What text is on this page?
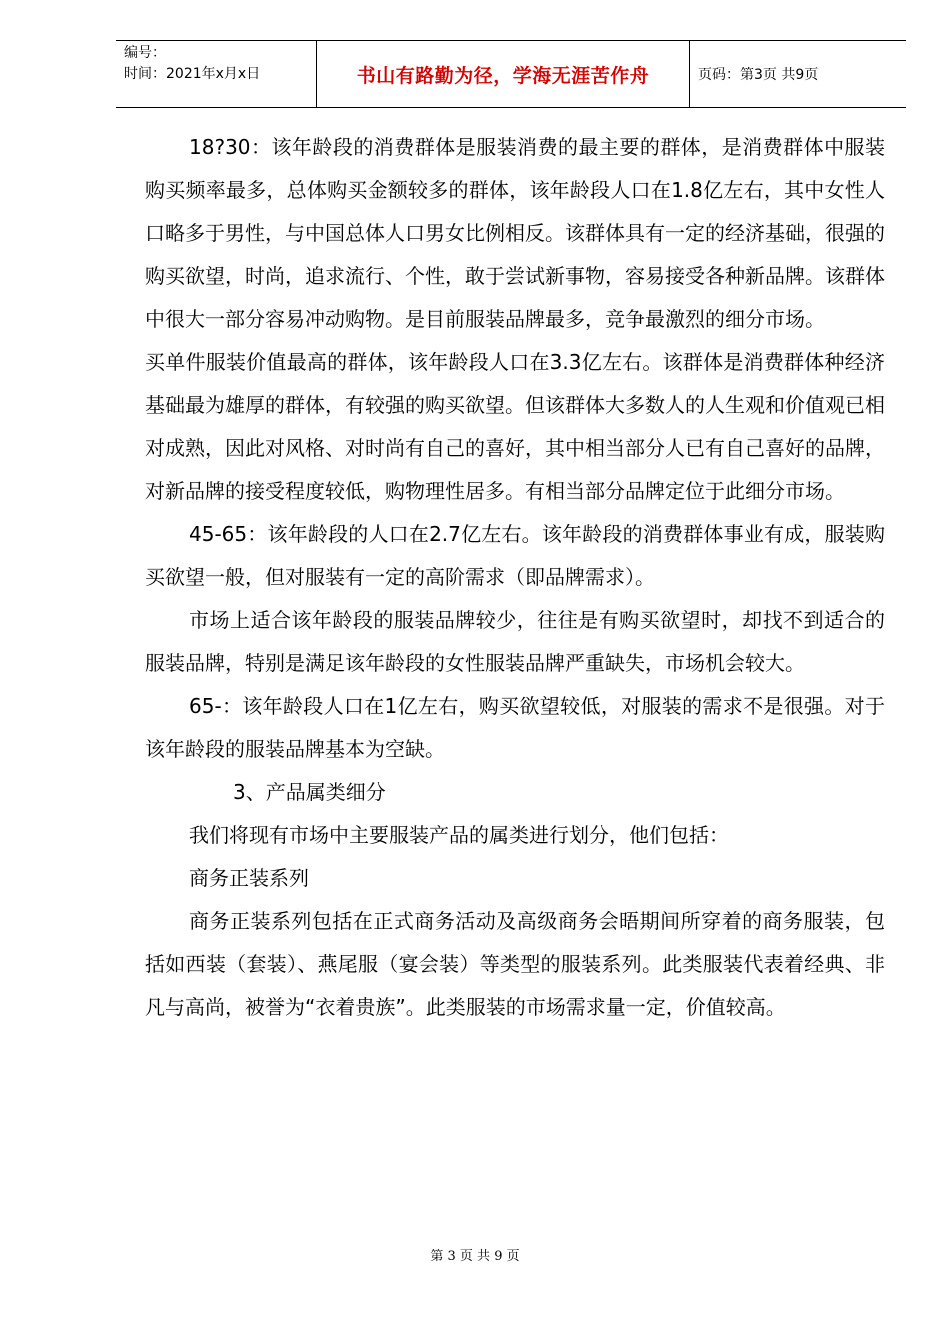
编号：
时间：2021年x月x日	书山有路勤为径，学海无涯苦作舟	页码：第3页 共9页

18?30：该年龄段的消费群体是服装消费的最主要的群体，是消费群体中服装购买频率最多，总体购买金额较多的群体，该年龄段人口在1.8亿左右，其中女性人口略多于男性，与中国总体人口男女比例相反。该群体具有一定的经济基础，很强的购买欲望，时尚，追求流行、个性，敢于尝试新事物，容易接受各种新品牌。该群体中很大一部分容易冲动购物。是目前服装品牌最多，竞争最激烈的细分市场。

买单件服装价值最高的群体，该年龄段人口在3.3亿左右。该群体是消费群体种经济基础最为雄厚的群体，有较强的购买欲望。但该群体大多数人的人生观和价值观已相对成熟，因此对风格、对时尚有自己的喜好，其中相当部分人已有自己喜好的品牌，对新品牌的接受程度较低，购物理性居多。有相当部分品牌定位于此细分市场。

45-65：该年龄段的人口在2.7亿左右。该年龄段的消费群体事业有成，服装购买欲望一般，但对服装有一定的高阶需求（即品牌需求）。

市场上适合该年龄段的服装品牌较少，往往是有购买欲望时，却找不到适合的服装品牌，特别是满足该年龄段的女性服装品牌严重缺失，市场机会较大。

65-：该年龄段人口在1亿左右，购买欲望较低，对服装的需求不是很强。对于该年龄段的服装品牌基本为空缺。

3、产品属类细分

我们将现有市场中主要服装产品的属类进行划分，他们包括：

商务正装系列

商务正装系列包括在正式商务活动及高级商务会晤期间所穿着的商务服装，包括如西装（套装）、燕尾服（宴会装）等类型的服装系列。此类服装代表着经典、非凡与高尚，被誉为“衣着贵族”。此类服装的市场需求量一定，价值较高。

第 3 页 共 9 页
